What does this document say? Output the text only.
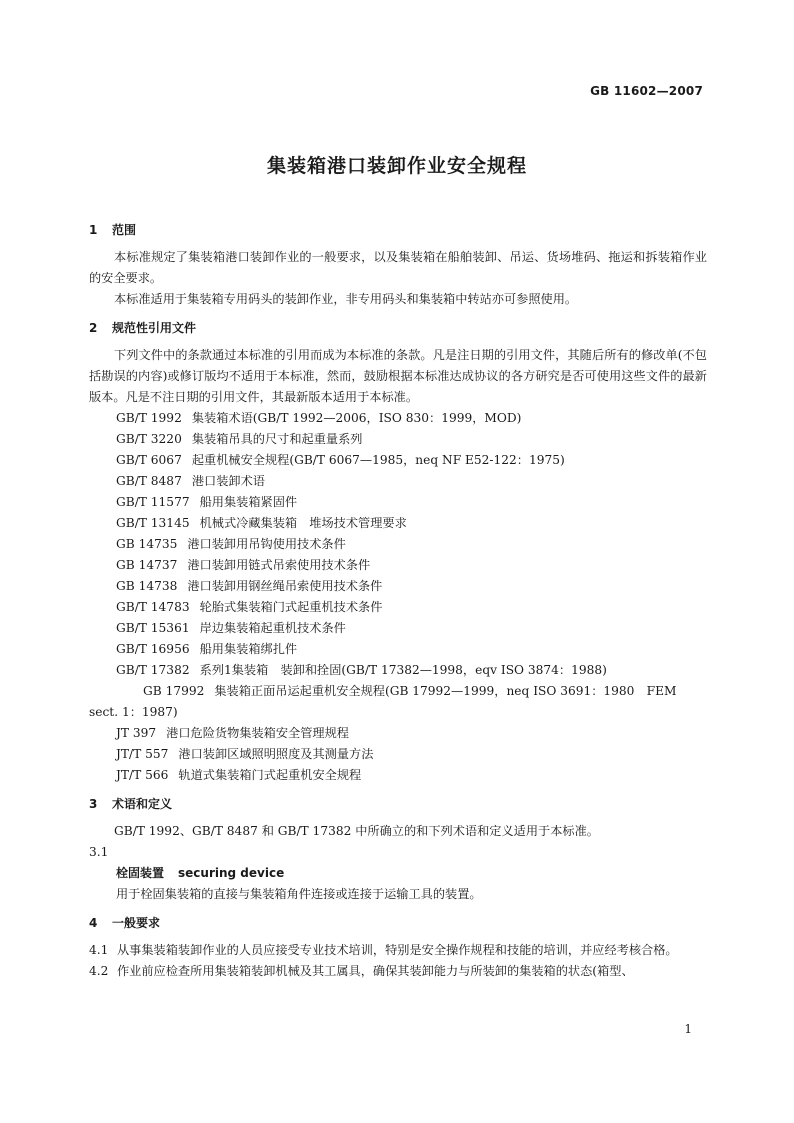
GB 11602—2007
集装箱港口装卸作业安全规程
1 范围

本标准规定了集装箱港口装卸作业的一般要求，以及集装箱在船舶装卸、吊运、货场堆码、拖运和拆装箱作业的安全要求。

本标准适用于集装箱专用码头的装卸作业，非专用码头和集装箱中转站亦可参照使用。

2 规范性引用文件

下列文件中的条款通过本标准的引用而成为本标准的条款。凡是注日期的引用文件，其随后所有的修改单(不包括勘误的内容)或修订版均不适用于本标准，然而，鼓励根据本标准达成协议的各方研究是否可使用这些文件的最新版本。凡是不注日期的引用文件，其最新版本适用于本标准。

GB/T 1992 集装箱术语(GB/T 1992—2006，ISO 830：1999，MOD)

GB/T 3220 集装箱吊具的尺寸和起重量系列

GB/T 6067 起重机械安全规程(GB/T 6067—1985，neq NF E52-122：1975)

GB/T 8487 港口装卸术语

GB/T 11577 船用集装箱紧固件

GB/T 13145 机械式冷藏集装箱　堆场技术管理要求

GB 14735 港口装卸用吊钩使用技术条件

GB 14737 港口装卸用链式吊索使用技术条件

GB 14738 港口装卸用钢丝绳吊索使用技术条件

GB/T 14783 轮胎式集装箱门式起重机技术条件

GB/T 15361 岸边集装箱起重机技术条件

GB/T 16956 船用集装箱绑扎件

GB/T 17382 系列1集装箱　装卸和拴固(GB/T 17382—1998，eqv ISO 3874：1988)

GB 17992 集装箱正面吊运起重机安全规程(GB 17992—1999，neq ISO 3691：1980　FEM sect. 1：1987)

JT 397 港口危险货物集装箱安全管理规程

JT/T 557 港口装卸区域照明照度及其测量方法

JT/T 566 轨道式集装箱门式起重机安全规程

3 术语和定义

GB/T 1992、GB/T 8487 和 GB/T 17382 中所确立的和下列术语和定义适用于本标准。

3.1

栓固装置 securing device

用于栓固集装箱的直接与集装箱角件连接或连接于运输工具的装置。

4 一般要求

4.1 从事集装箱装卸作业的人员应接受专业技术培训，特别是安全操作规程和技能的培训，并应经考核合格。

4.2 作业前应检查所用集装箱装卸机械及其工属具，确保其装卸能力与所装卸的集装箱的状态(箱型、

1
